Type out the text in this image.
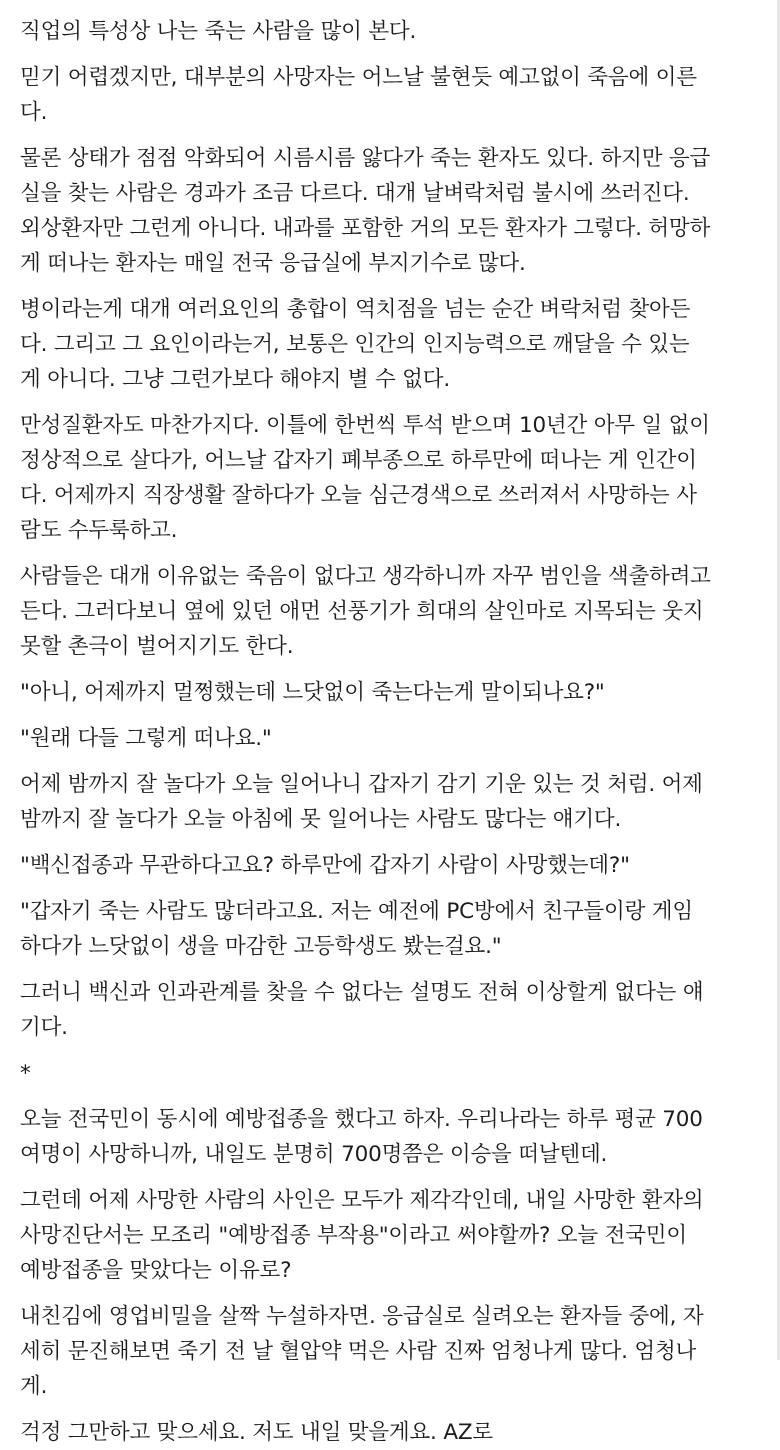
직업의 특성상 나는 죽는 사람을 많이 본다.

믿기 어렵겠지만, 대부분의 사망자는 어느날 불현듯 예고없이 죽음에 이른
다.

물론 상태가 점점 악화되어 시름시름 앓다가 죽는 환자도 있다. 하지만 응급
실을 찾는 사람은 경과가 조금 다르다. 대개 날벼락처럼 불시에 쓰러진다.
외상환자만 그런게 아니다. 내과를 포함한 거의 모든 환자가 그렇다. 허망하
게 떠나는 환자는 매일 전국 응급실에 부지기수로 많다.

병이라는게 대개 여러요인의 총합이 역치점을 넘는 순간 벼락처럼 찾아든
다. 그리고 그 요인이라는거, 보통은 인간의 인지능력으로 깨달을 수 있는
게 아니다. 그냥 그런가보다 해야지 별 수 없다.

만성질환자도 마찬가지다. 이틀에 한번씩 투석 받으며 10년간 아무 일 없이
정상적으로 살다가, 어느날 갑자기 폐부종으로 하루만에 떠나는 게 인간이
다. 어제까지 직장생활 잘하다가 오늘 심근경색으로 쓰러져서 사망하는 사
람도 수두룩하고.

사람들은 대개 이유없는 죽음이 없다고 생각하니까 자꾸 범인을 색출하려고
든다. 그러다보니 옆에 있던 애먼 선풍기가 희대의 살인마로 지목되는 웃지
못할 촌극이 벌어지기도 한다.

"아니, 어제까지 멀쩡했는데 느닷없이 죽는다는게 말이되나요?"

"원래 다들 그렇게 떠나요."

어제 밤까지 잘 놀다가 오늘 일어나니 갑자기 감기 기운 있는 것 처럼. 어제
밤까지 잘 놀다가 오늘 아침에 못 일어나는 사람도 많다는 얘기다.

"백신접종과 무관하다고요? 하루만에 갑자기 사람이 사망했는데?"

"갑자기 죽는 사람도 많더라고요. 저는 예전에 PC방에서 친구들이랑 게임
하다가 느닷없이 생을 마감한 고등학생도 봤는걸요."

그러니 백신과 인과관계를 찾을 수 없다는 설명도 전혀 이상할게 없다는 얘
기다.

*

오늘 전국민이 동시에 예방접종을 했다고 하자. 우리나라는 하루 평균 700
여명이 사망하니까, 내일도 분명히 700명쯤은 이승을 떠날텐데.

그런데 어제 사망한 사람의 사인은 모두가 제각각인데, 내일 사망한 환자의
사망진단서는 모조리 "예방접종 부작용"이라고 써야할까? 오늘 전국민이
예방접종을 맞았다는 이유로?

내친김에 영업비밀을 살짝 누설하자면. 응급실로 실려오는 환자들 중에, 자
세히 문진해보면 죽기 전 날 혈압약 먹은 사람 진짜 엄청나게 많다. 엄청나
게.

걱정 그만하고 맞으세요. 저도 내일 맞을게요. AZ로
